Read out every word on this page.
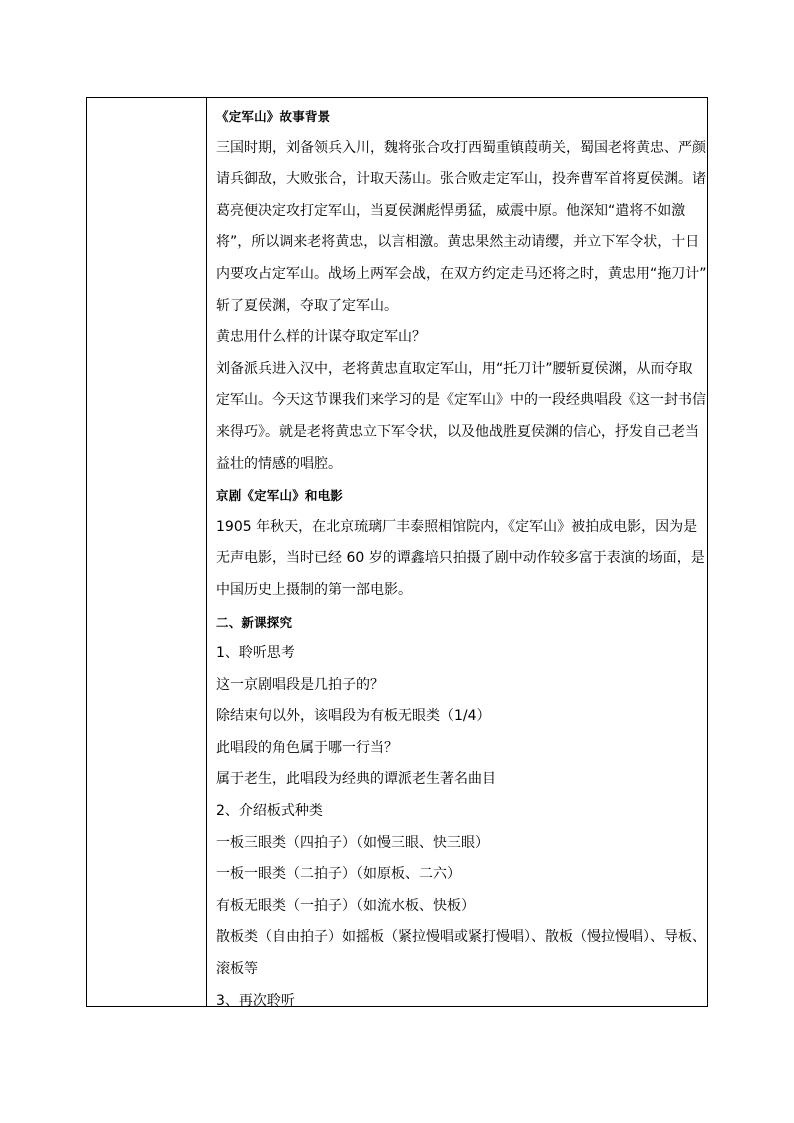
《定军山》故事背景
三国时期，刘备领兵入川，魏将张合攻打西蜀重镇葭萌关，蜀国老将黄忠、严颜
请兵御敌，大败张合，计取天荡山。张合败走定军山，投奔曹军首将夏侯渊。诸
葛亮便决定攻打定军山，当夏侯渊彪悍勇猛，威震中原。他深知“遣将不如激
将”，所以调来老将黄忠，以言相激。黄忠果然主动请缨，并立下军令状，十日
内要攻占定军山。战场上两军会战，在双方约定走马还将之时，黄忠用“拖刀计”
斩了夏侯渊，夺取了定军山。
黄忠用什么样的计谋夺取定军山？
刘备派兵进入汉中，老将黄忠直取定军山，用“托刀计”腰斩夏侯渊，从而夺取
定军山。今天这节课我们来学习的是《定军山》中的一段经典唱段《这一封书信
来得巧》。就是老将黄忠立下军令状，以及他战胜夏侯渊的信心，抒发自己老当
益壮的情感的唱腔。
京剧《定军山》和电影
1905 年秋天，在北京琉璃厂丰泰照相馆院内，《定军山》被拍成电影，因为是
无声电影，当时已经 60 岁的谭鑫培只拍摄了剧中动作较多富于表演的场面，是
中国历史上摄制的第一部电影。
二、新课探究
1、聆听思考
这一京剧唱段是几拍子的？
除结束句以外，该唱段为有板无眼类（1/4）
此唱段的角色属于哪一行当？
属于老生，此唱段为经典的谭派老生著名曲目
2、介绍板式种类
一板三眼类（四拍子）（如慢三眼、快三眼）
一板一眼类（二拍子）（如原板、二六）
有板无眼类（一拍子）（如流水板、快板）
散板类（自由拍子）如摇板（紧拉慢唱或紧打慢唱）、散板（慢拉慢唱）、导板、
滚板等
3、再次聆听
